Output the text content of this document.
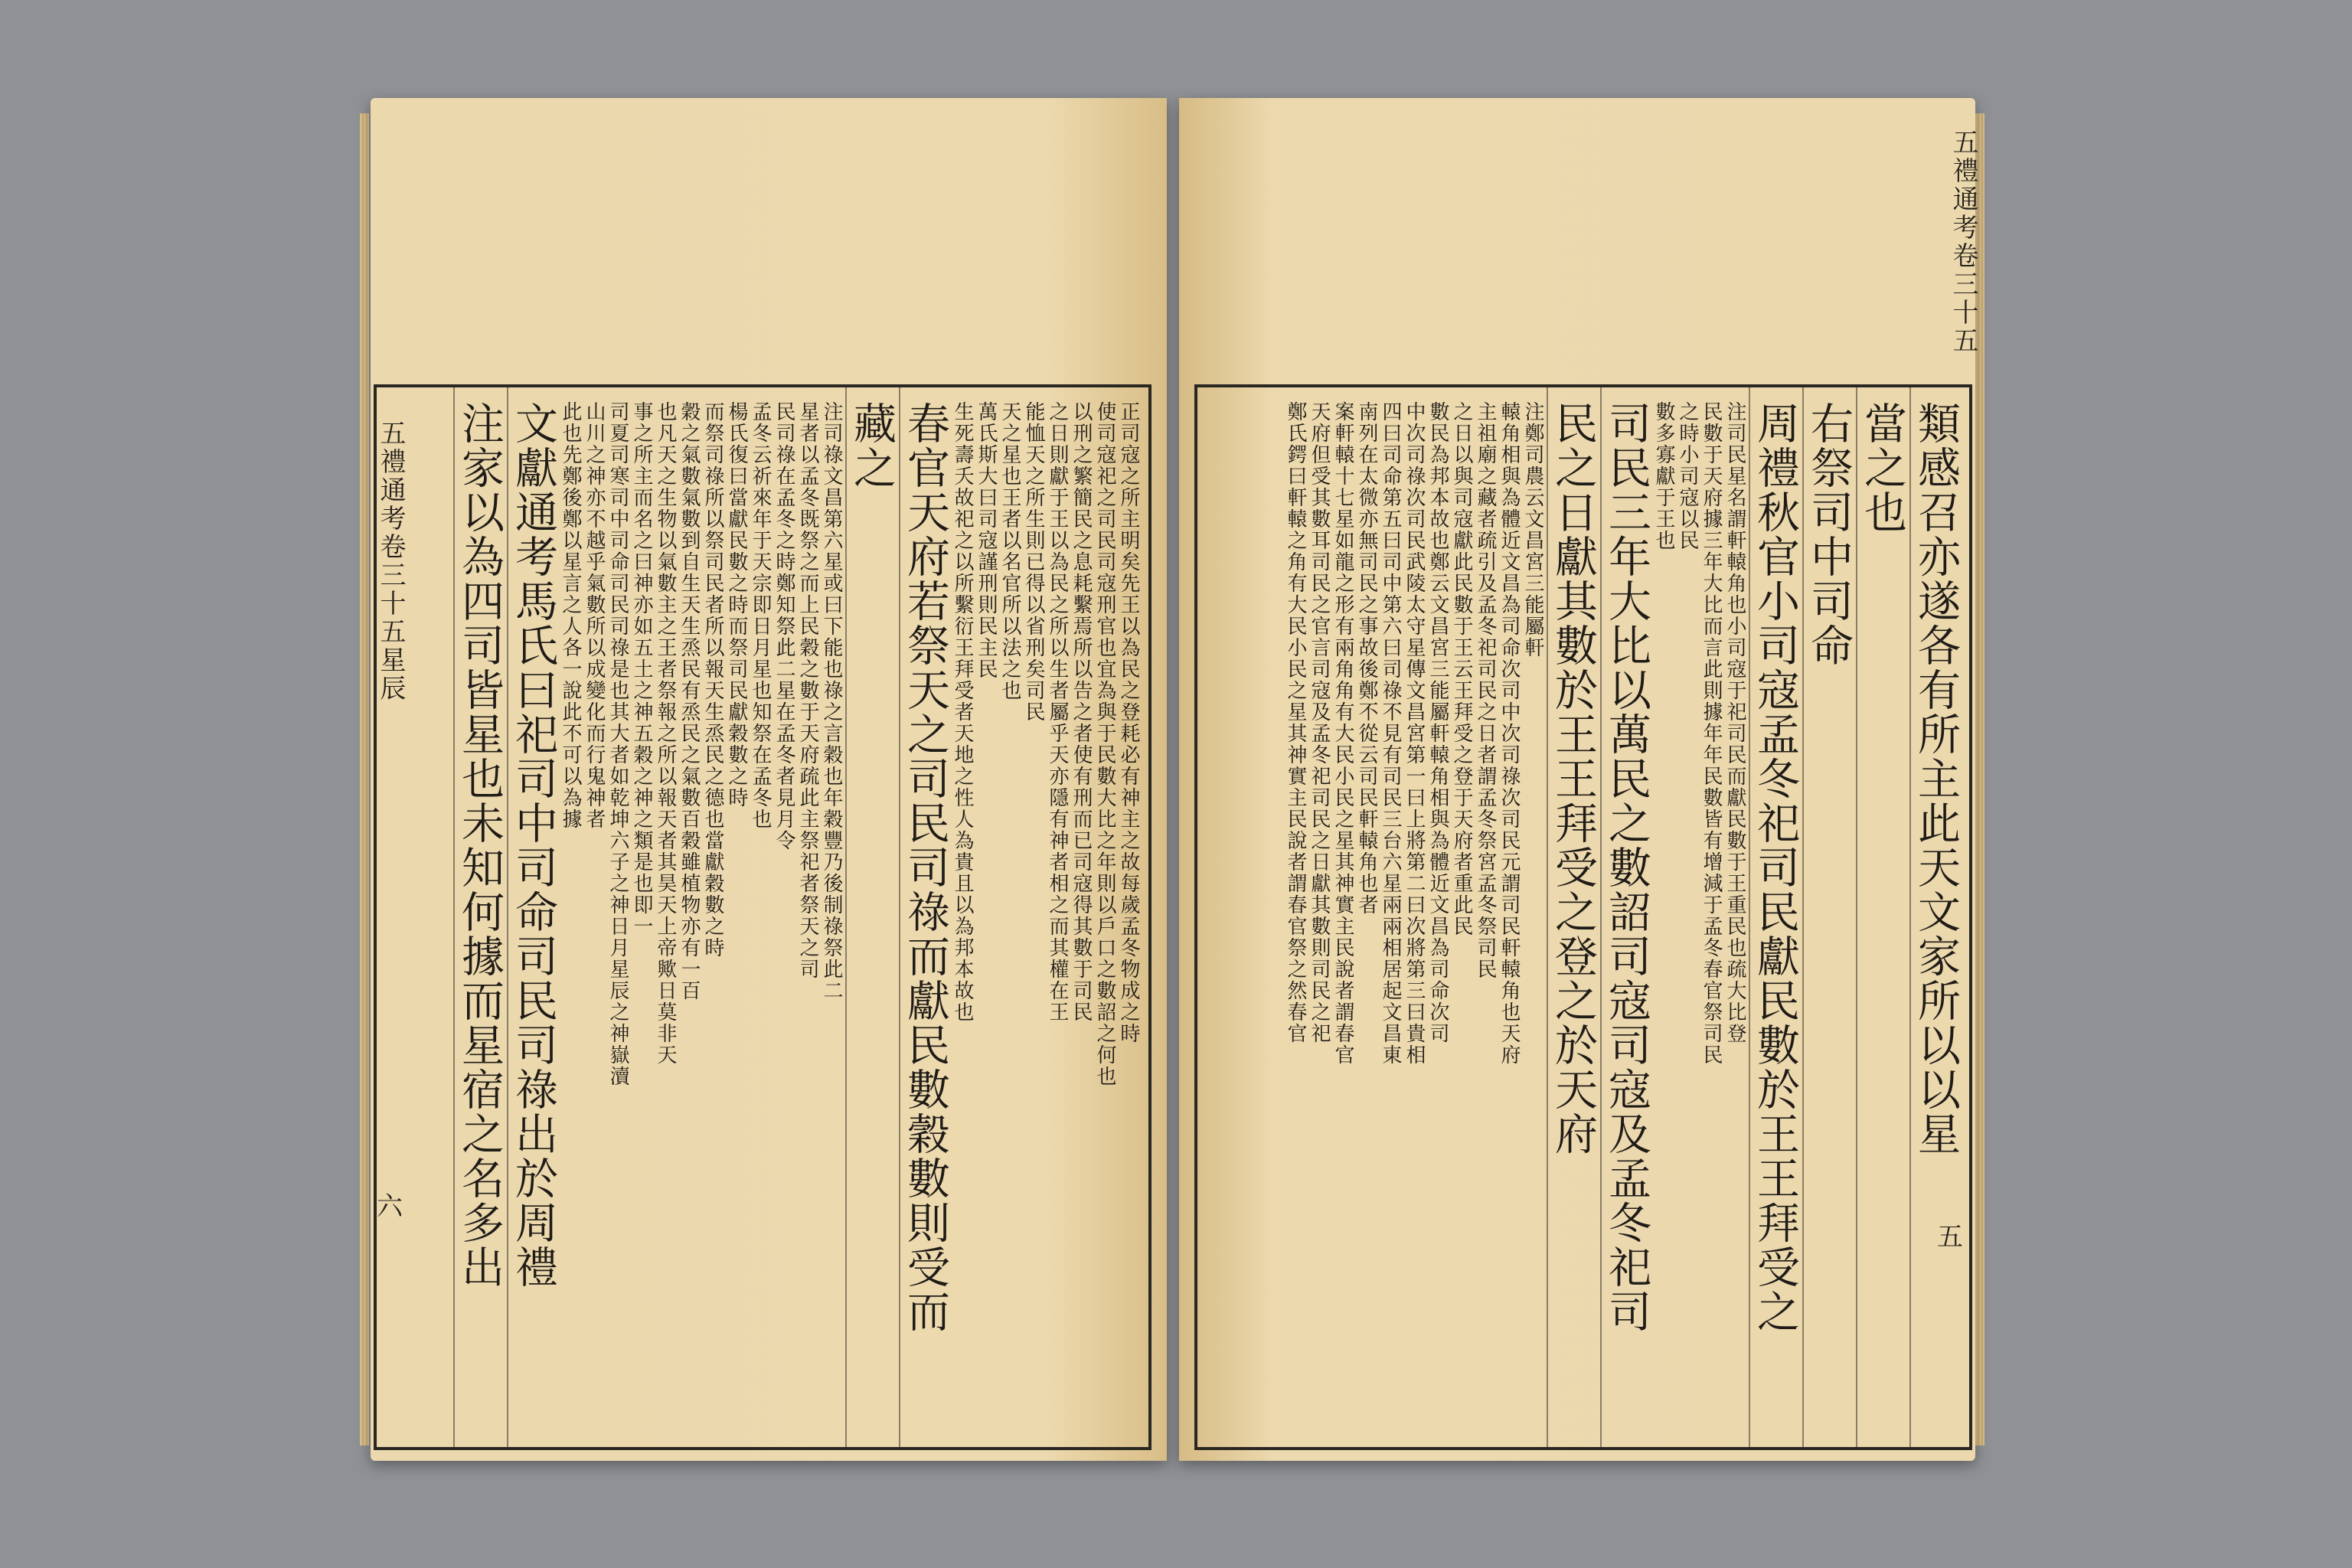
正司寇之所主明矣先王以為民之登耗必有神主之故每歲孟冬物成之時
使司寇祀之司民司寇刑官也宜為與于民數大比之年則以戶口之數詔之何也
以刑之繁簡民之息耗繫焉所以告之者使有刑而已司寇得其數于司民
之日則獻于王以為民之所以生者屬乎天亦隱有神者相之而其權在王
能恤天之所生則已得以省刑矣司民
天之星也王者以名官所以法之也
萬氏斯大曰司寇謹刑則民主民
生死壽夭故祀之以所繫衍王拜受者天地之性人為貴且以為邦本故也
春官天府若祭天之司民司祿而獻民數穀數則受而
藏之
注司祿文昌第六星或曰下能也祿之言穀也年穀豐乃後制祿祭此二
星者以孟冬既祭之而上民穀之數于天府疏此主祭祀者祭天之司
民司祿在孟冬之時鄭知祭此二星在孟冬者見月令
孟冬云祈來年于天宗即日月星也知祭在孟冬也
楊氏復曰當獻民數之時而祭司民獻穀數之時
而祭司祿所以祭司民者所以報天生烝民之德也當獻穀數之時
穀之氣數氣數到自生天生烝民有烝民之氣數百穀雖植物亦有一百
也凡天之生物以氣數主之王者祭報之所以報天者其昊天上帝歟日莫非天
事之所主而名之曰神亦如五土之神五穀之神之類是也即一
司夏司寒司中司命司民司祿是也其大者如乾坤六子之神日月星辰之神嶽瀆
山川之神亦不越乎氣數所以成變化而行鬼神者
此也先鄭後鄭以星言之人各一說此不可以為據
文獻通考馬氏曰祀司中司命司民司祿出於周禮
注家以為四司皆星也未知何據而星宿之名多出
五禮通考卷三十五星辰
六
類感召亦遂各有所主此天文家所以以星
當之也
右祭司中司命
周禮秋官小司寇孟冬祀司民獻民數於王王拜受之
注司民星名謂軒轅角也小司寇于祀司民而獻民數于王重民也疏大比登
民數于天府據三年大比而言此則據年年民數皆有增減于孟冬春官祭司民
之時小司寇以民
數多寡獻于王也
司民三年大比以萬民之數詔司寇司寇及孟冬祀司
民之日獻其數於王王拜受之登之於天府
注鄭司農云文昌宮三能屬軒
轅角相與為體近文昌為司命次司中次司祿次司民元謂司民軒轅角也天府
主祖廟之藏者疏引及孟冬祀司民之日者謂孟冬祭宮孟冬祭司民
之日以與司寇獻此民數于王云王拜受之登于天府者重此民
數民為邦本故也鄭云文昌宮三能屬軒轅角相與為體近文昌為司命次司
中次司祿次司民武陵太守星傳文昌宮第一曰上將第二曰次將第三曰貴相
四曰司命第五曰司中第六曰司祿不見有司民三台六星兩兩相居起文昌東
南列在太微亦無司民之事故後鄭不從云司民軒轅角也者
案軒轅十七星如龍之形有兩角角有大民小民之星其神實主民說者謂春官
天府但受其數耳司民之官言司寇及孟冬祀司民之日獻其數則司民之祀
鄭氏鍔曰軒轅之角有大民小民之星其神實主民說者謂春官祭之然春官
五禮通考卷三十五
五
